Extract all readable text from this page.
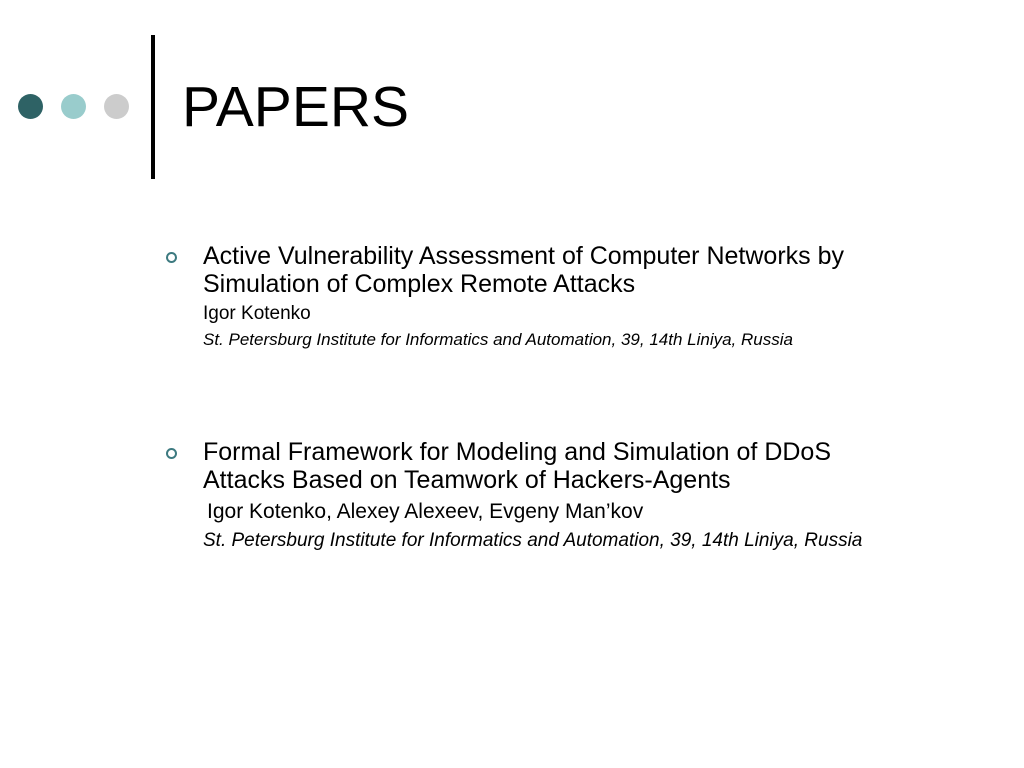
PAPERS
Active Vulnerability Assessment of Computer Networks by
Simulation of Complex Remote Attacks
Igor Kotenko
St. Petersburg Institute for Informatics and Automation, 39, 14th Liniya, Russia
Formal Framework for Modeling and Simulation of DDoS
Attacks Based on Teamwork of Hackers-Agents
Igor Kotenko, Alexey Alexeev, Evgeny Man’kov
St. Petersburg Institute for Informatics and Automation, 39, 14th Liniya, Russia
